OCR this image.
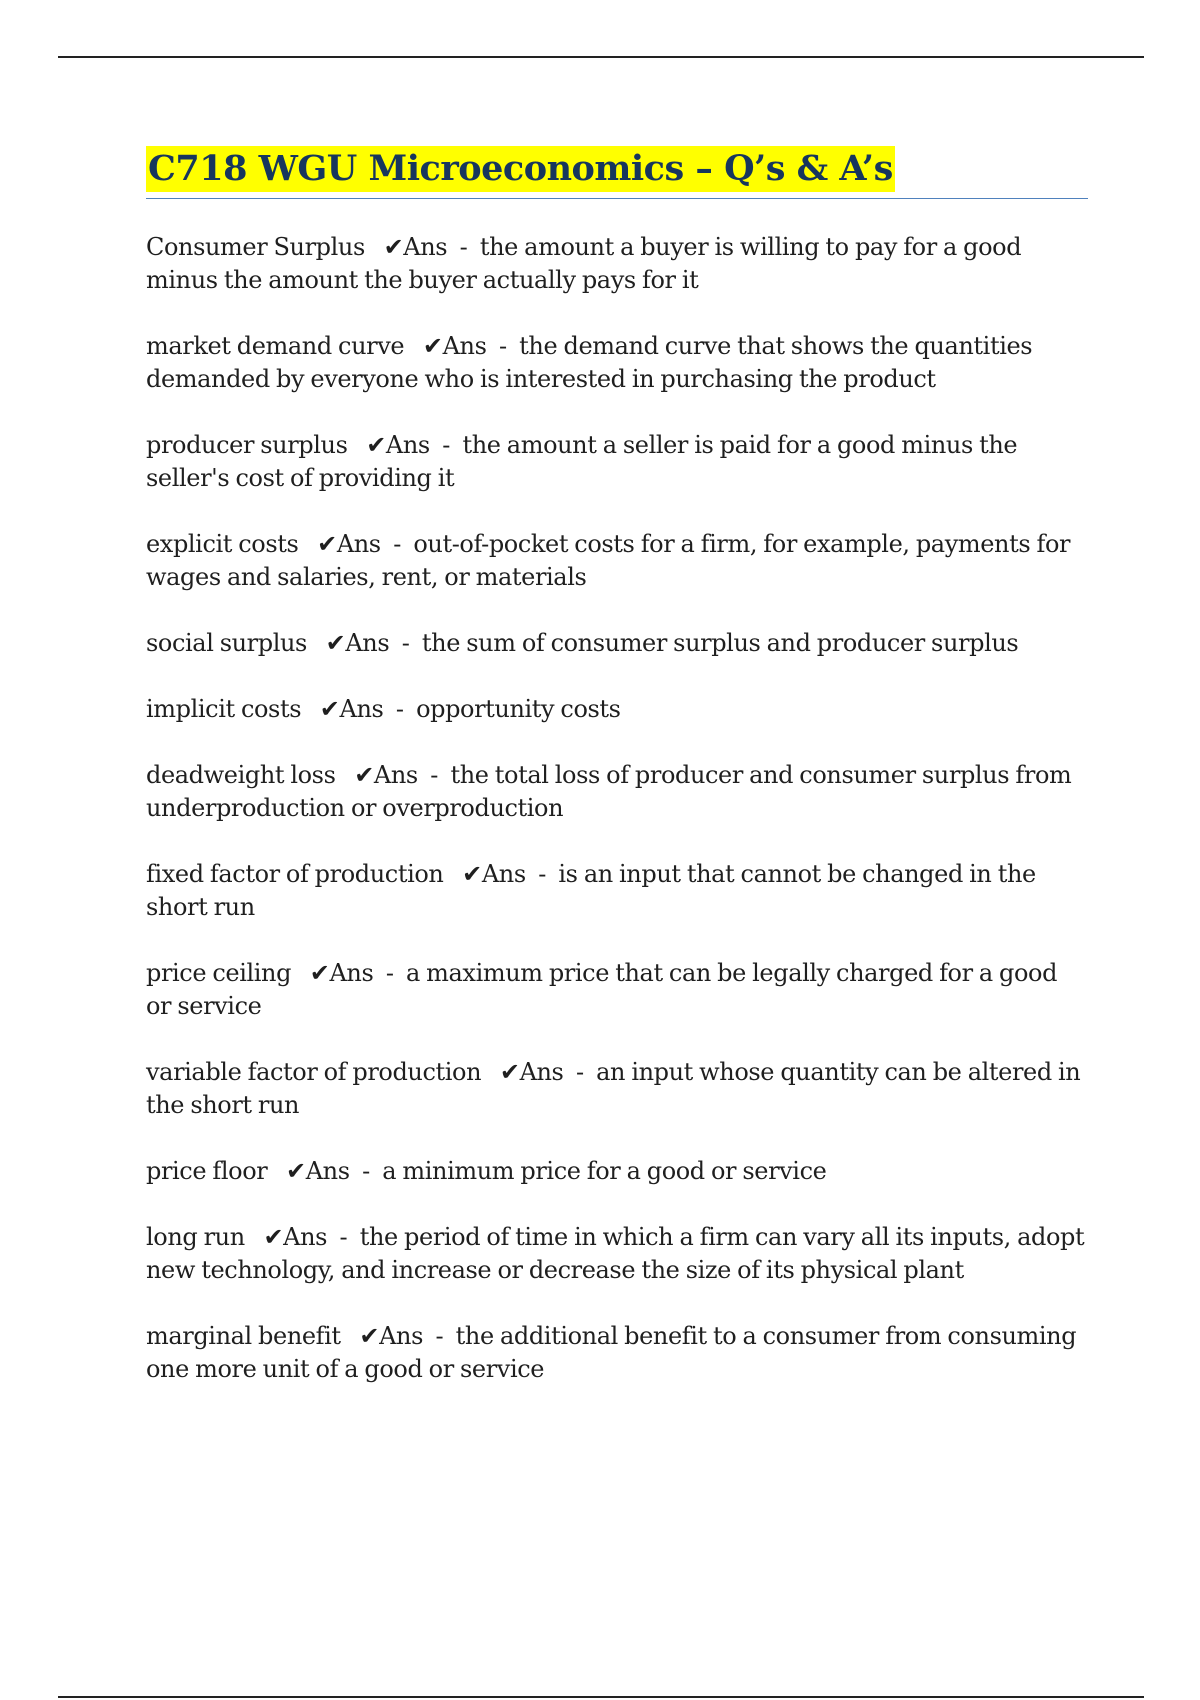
C718 WGU Microeconomics – Q’s & A’s

Consumer Surplus ✔Ans  -  the amount a buyer is willing to pay for a good minus the amount the buyer actually pays for it

market demand curve ✔Ans  -  the demand curve that shows the quantities demanded by everyone who is interested in purchasing the product

producer surplus ✔Ans  -  the amount a seller is paid for a good minus the seller's cost of providing it

explicit costs ✔Ans  -  out-of-pocket costs for a firm, for example, payments for wages and salaries, rent, or materials

social surplus ✔Ans  -  the sum of consumer surplus and producer surplus

implicit costs ✔Ans  -  opportunity costs

deadweight loss ✔Ans  -  the total loss of producer and consumer surplus from underproduction or overproduction

fixed factor of production ✔Ans  -  is an input that cannot be changed in the short run

price ceiling ✔Ans  -  a maximum price that can be legally charged for a good or service

variable factor of production ✔Ans  -  an input whose quantity can be altered in the short run

price floor ✔Ans  -  a minimum price for a good or service

long run ✔Ans  -  the period of time in which a firm can vary all its inputs, adopt new technology, and increase or decrease the size of its physical plant

marginal benefit ✔Ans  -  the additional benefit to a consumer from consuming one more unit of a good or service
